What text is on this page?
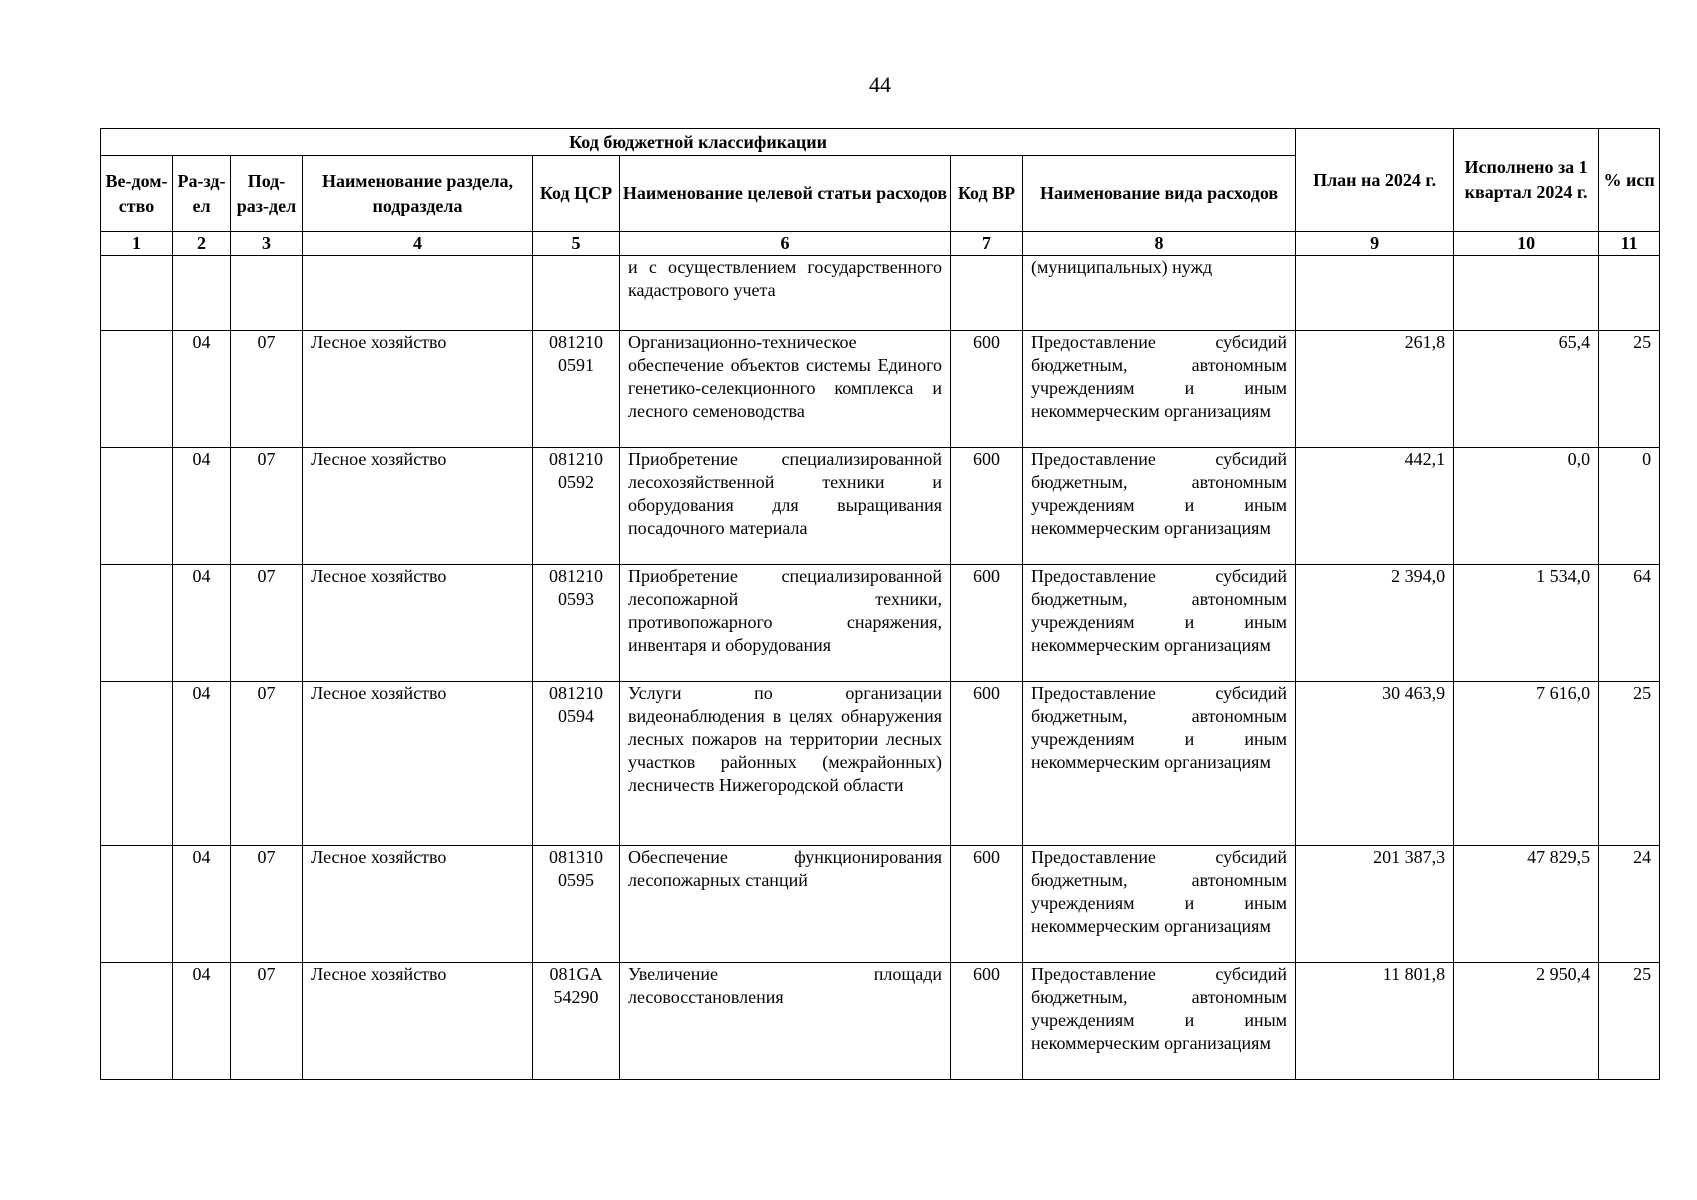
44
Код бюджетной классификации								План на 2024 г.	Исполнено за 1 квартал 2024 г.	% исп
Ве-дом-ство	Ра-зд-ел	Под-раз-дел	Наименование раздела, подраздела	Код ЦСР	Наименование целевой статьи расходов	Код ВР	Наименование вида расходов			
1	2	3	4	5	6	7	8	9	10	11
					и с осуществлением государственного кадастрового учета		(муниципальных) нужд			
	04	07	Лесное хозяйство	081210 0591	Организационно-техническое обеспечение объектов системы Единого генетико-селекционного комплекса и лесного семеноводства	600	Предоставление субсидий бюджетным, автономным учреждениям и иным некоммерческим организациям	261,8	65,4	25
	04	07	Лесное хозяйство	081210 0592	Приобретение специализированной лесохозяйственной техники и оборудования для выращивания посадочного материала	600	Предоставление субсидий бюджетным, автономным учреждениям и иным некоммерческим организациям	442,1	0,0	0
	04	07	Лесное хозяйство	081210 0593	Приобретение специализированной лесопожарной техники, противопожарного снаряжения, инвентаря и оборудования	600	Предоставление субсидий бюджетным, автономным учреждениям и иным некоммерческим организациям	2 394,0	1 534,0	64
	04	07	Лесное хозяйство	081210 0594	Услуги по организации видеонаблюдения в целях обнаружения лесных пожаров на территории лесных участков районных (межрайонных) лесничеств Нижегородской области	600	Предоставление субсидий бюджетным, автономным учреждениям и иным некоммерческим организациям	30 463,9	7 616,0	25
	04	07	Лесное хозяйство	081310 0595	Обеспечение функционирования лесопожарных станций	600	Предоставление субсидий бюджетным, автономным учреждениям и иным некоммерческим организациям	201 387,3	47 829,5	24
	04	07	Лесное хозяйство	081GA 54290	Увеличение площади лесовосстановления	600	Предоставление субсидий бюджетным, автономным учреждениям и иным некоммерческим организациям	11 801,8	2 950,4	25
